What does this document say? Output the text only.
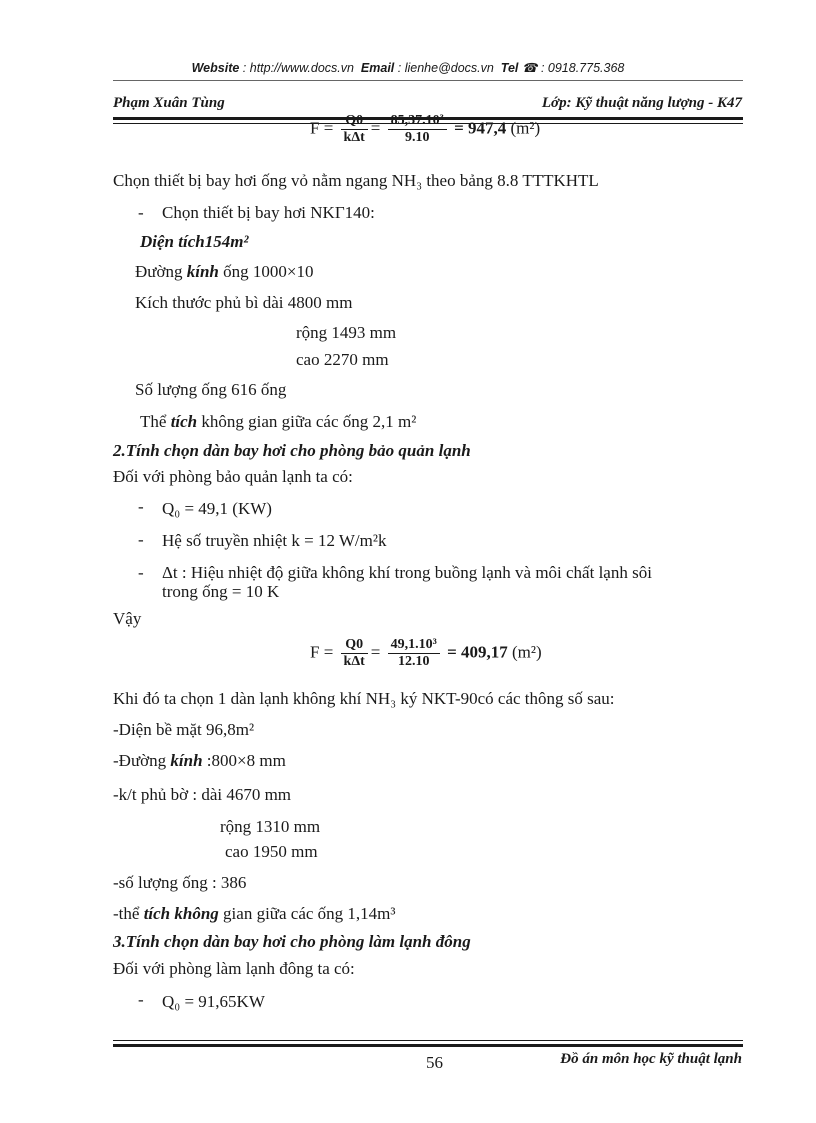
Website : http://www.docs.vn Email : lienhe@docs.vn Tel ☎ : 0918.775.368
Phạm Xuân Tùng	Lớp: Kỹ thuật năng lượng - K47
$F = \frac{Q0}{\text{kΔt}} = \frac{\text{85,37.10³}}{9.10} = 947,4$ (m²)
Chọn thiết bị bay hơi ống vỏ nằm ngang NH₃ theo bảng 8.8 TTTKHTL
- Chọn thiết bị bay hơi NKΓ140:
Diện tích154m²
Đường kính ống 1000×10
Kích thước phủ bì dài 4800 mm
rộng 1493 mm
cao 2270 mm
Số lượng ống 616 ống
Thể tích không gian giữa các ống 2,1 m²
2.Tính chọn dàn bay hơi cho phòng bảo quản lạnh
Đối với phòng bảo quản lạnh ta có:
- Q₀ = 49,1 (KW)
- Hệ số truyền nhiệt k = 12 W/m²k
- Δt : Hiệu nhiệt độ giữa không khí trong buồng lạnh và môi chất lạnh sôi
trong ống = 10 K
Vậy
$F = \frac{Q0}{\text{kΔt}} = \frac{\text{49,1.10³}}{12.10} = 409,17$ (m²)
Khi đó ta chọn 1 dàn lạnh không khí NH₃ ký NKT-90có các thông số sau:
-Diện bề mặt 96,8m²
-Đường kính :800×8 mm
-k/t phủ bờ : dài 4670 mm
rộng 1310 mm
cao 1950 mm
-số lượng ống : 386
-thể tích không gian giữa các ống 1,14m³
3.Tính chọn dàn bay hơi cho phòng làm lạnh đông
Đối với phòng làm lạnh đông ta có:
- Q₀ = 91,65KW
56	Đồ án môn học kỹ thuật lạnh
